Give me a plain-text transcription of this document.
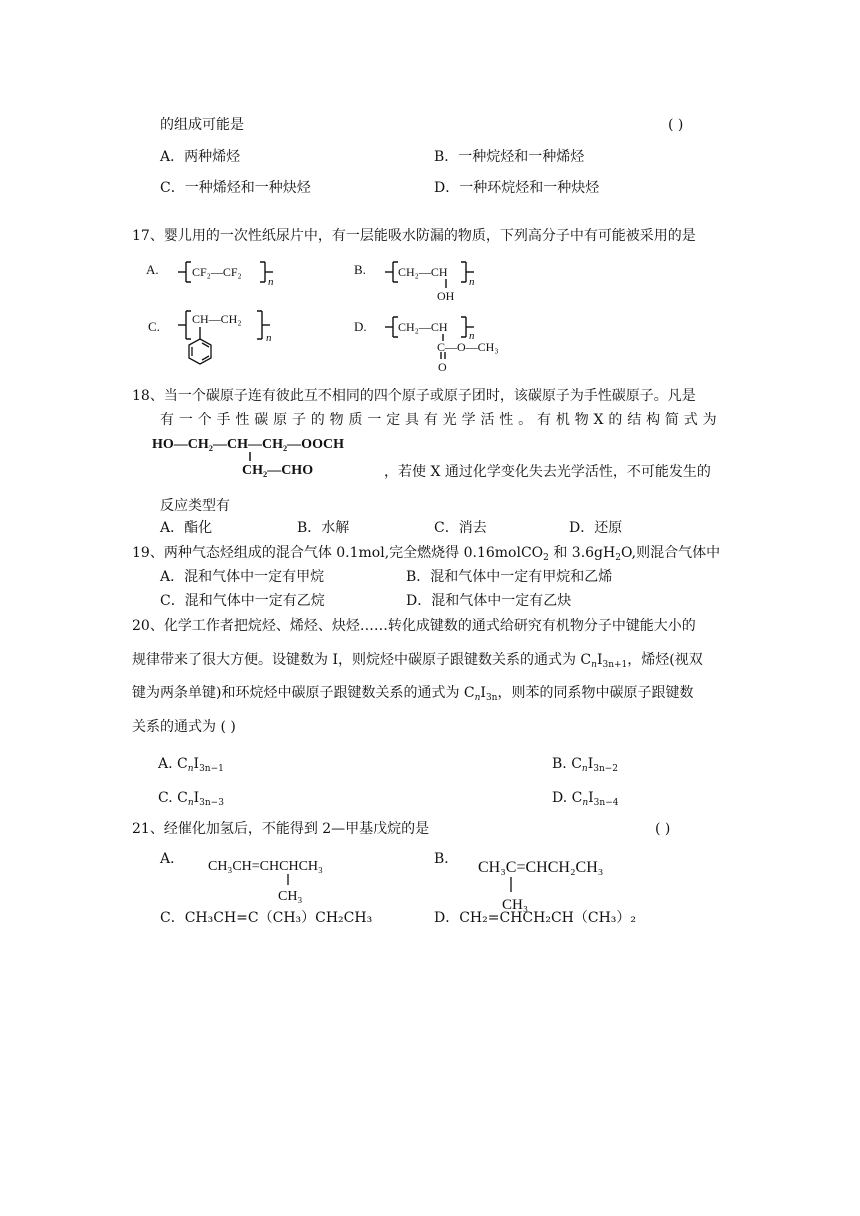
的组成可能是	( )
A．两种烯烃	B．一种烷烃和一种烯烃
C．一种烯烃和一种炔烃	D．一种环烷烃和一种炔烃
17、婴儿用的一次性纸尿片中，有一层能吸水防漏的物质，下列高分子中有可能被采用的是
A.	CF₂—CF₂
n
B.	CH₂—CH
OH
n
C.	CH—CH₂
n
D.	CH₂—CH
C—O—CH₃
O
n
18、当一个碳原子连有彼此互不相同的四个原子或原子团时，该碳原子为手性碳原子。凡是
有 一 个 手 性 碳 原 子 的 物 质 一 定 具 有 光 学 活 性 。 有 机 物 X 的 结 构 简 式 为
HO—CH₂—CH—CH₂—OOCH
CH₂—CHO	，若使 X 通过化学变化失去光学活性，不可能发生的
反应类型有
A．酯化	B．水解	C．消去	D．还原
19、两种气态烃组成的混合气体 0.1mol,完全燃烧得 0.16molCO$_2$ 和 $3.6gH_2O$,则混合气体中
A．混和气体中一定有甲烷	B．混和气体中一定有甲烷和乙烯
C．混和气体中一定有乙烷	D．混和气体中一定有乙炔
20、化学工作者把烷烃、烯烃、炔烃……转化成键数的通式给研究有机物分子中键能大小的
规律带来了很大方便。设键数为 I，则烷烃中碳原子跟键数关系的通式为 $C_nI_{3n+1}$，烯烃(视双
键为两条单键)和环烷烃中碳原子跟键数关系的通式为 $C_nI_{3n}$，则苯的同系物中碳原子跟键数
关系的通式为 ( )
A. $C_nI_{3n-1}$	B. $C_nI_{3n-2}$
C. $C_nI_{3n-3}$	D. $C_nI_{3n-4}$
21、经催化加氢后，不能得到 2—甲基戊烷的是	( )
A． CH₃CH=CHCHCH₃
CH₃
B． CH₃C=CHCH₂CH₃
CH₃
C．CH₃CH=C（CH₃）CH₂CH₃	D．CH₂=CHCH₂CH（CH₃）₂
